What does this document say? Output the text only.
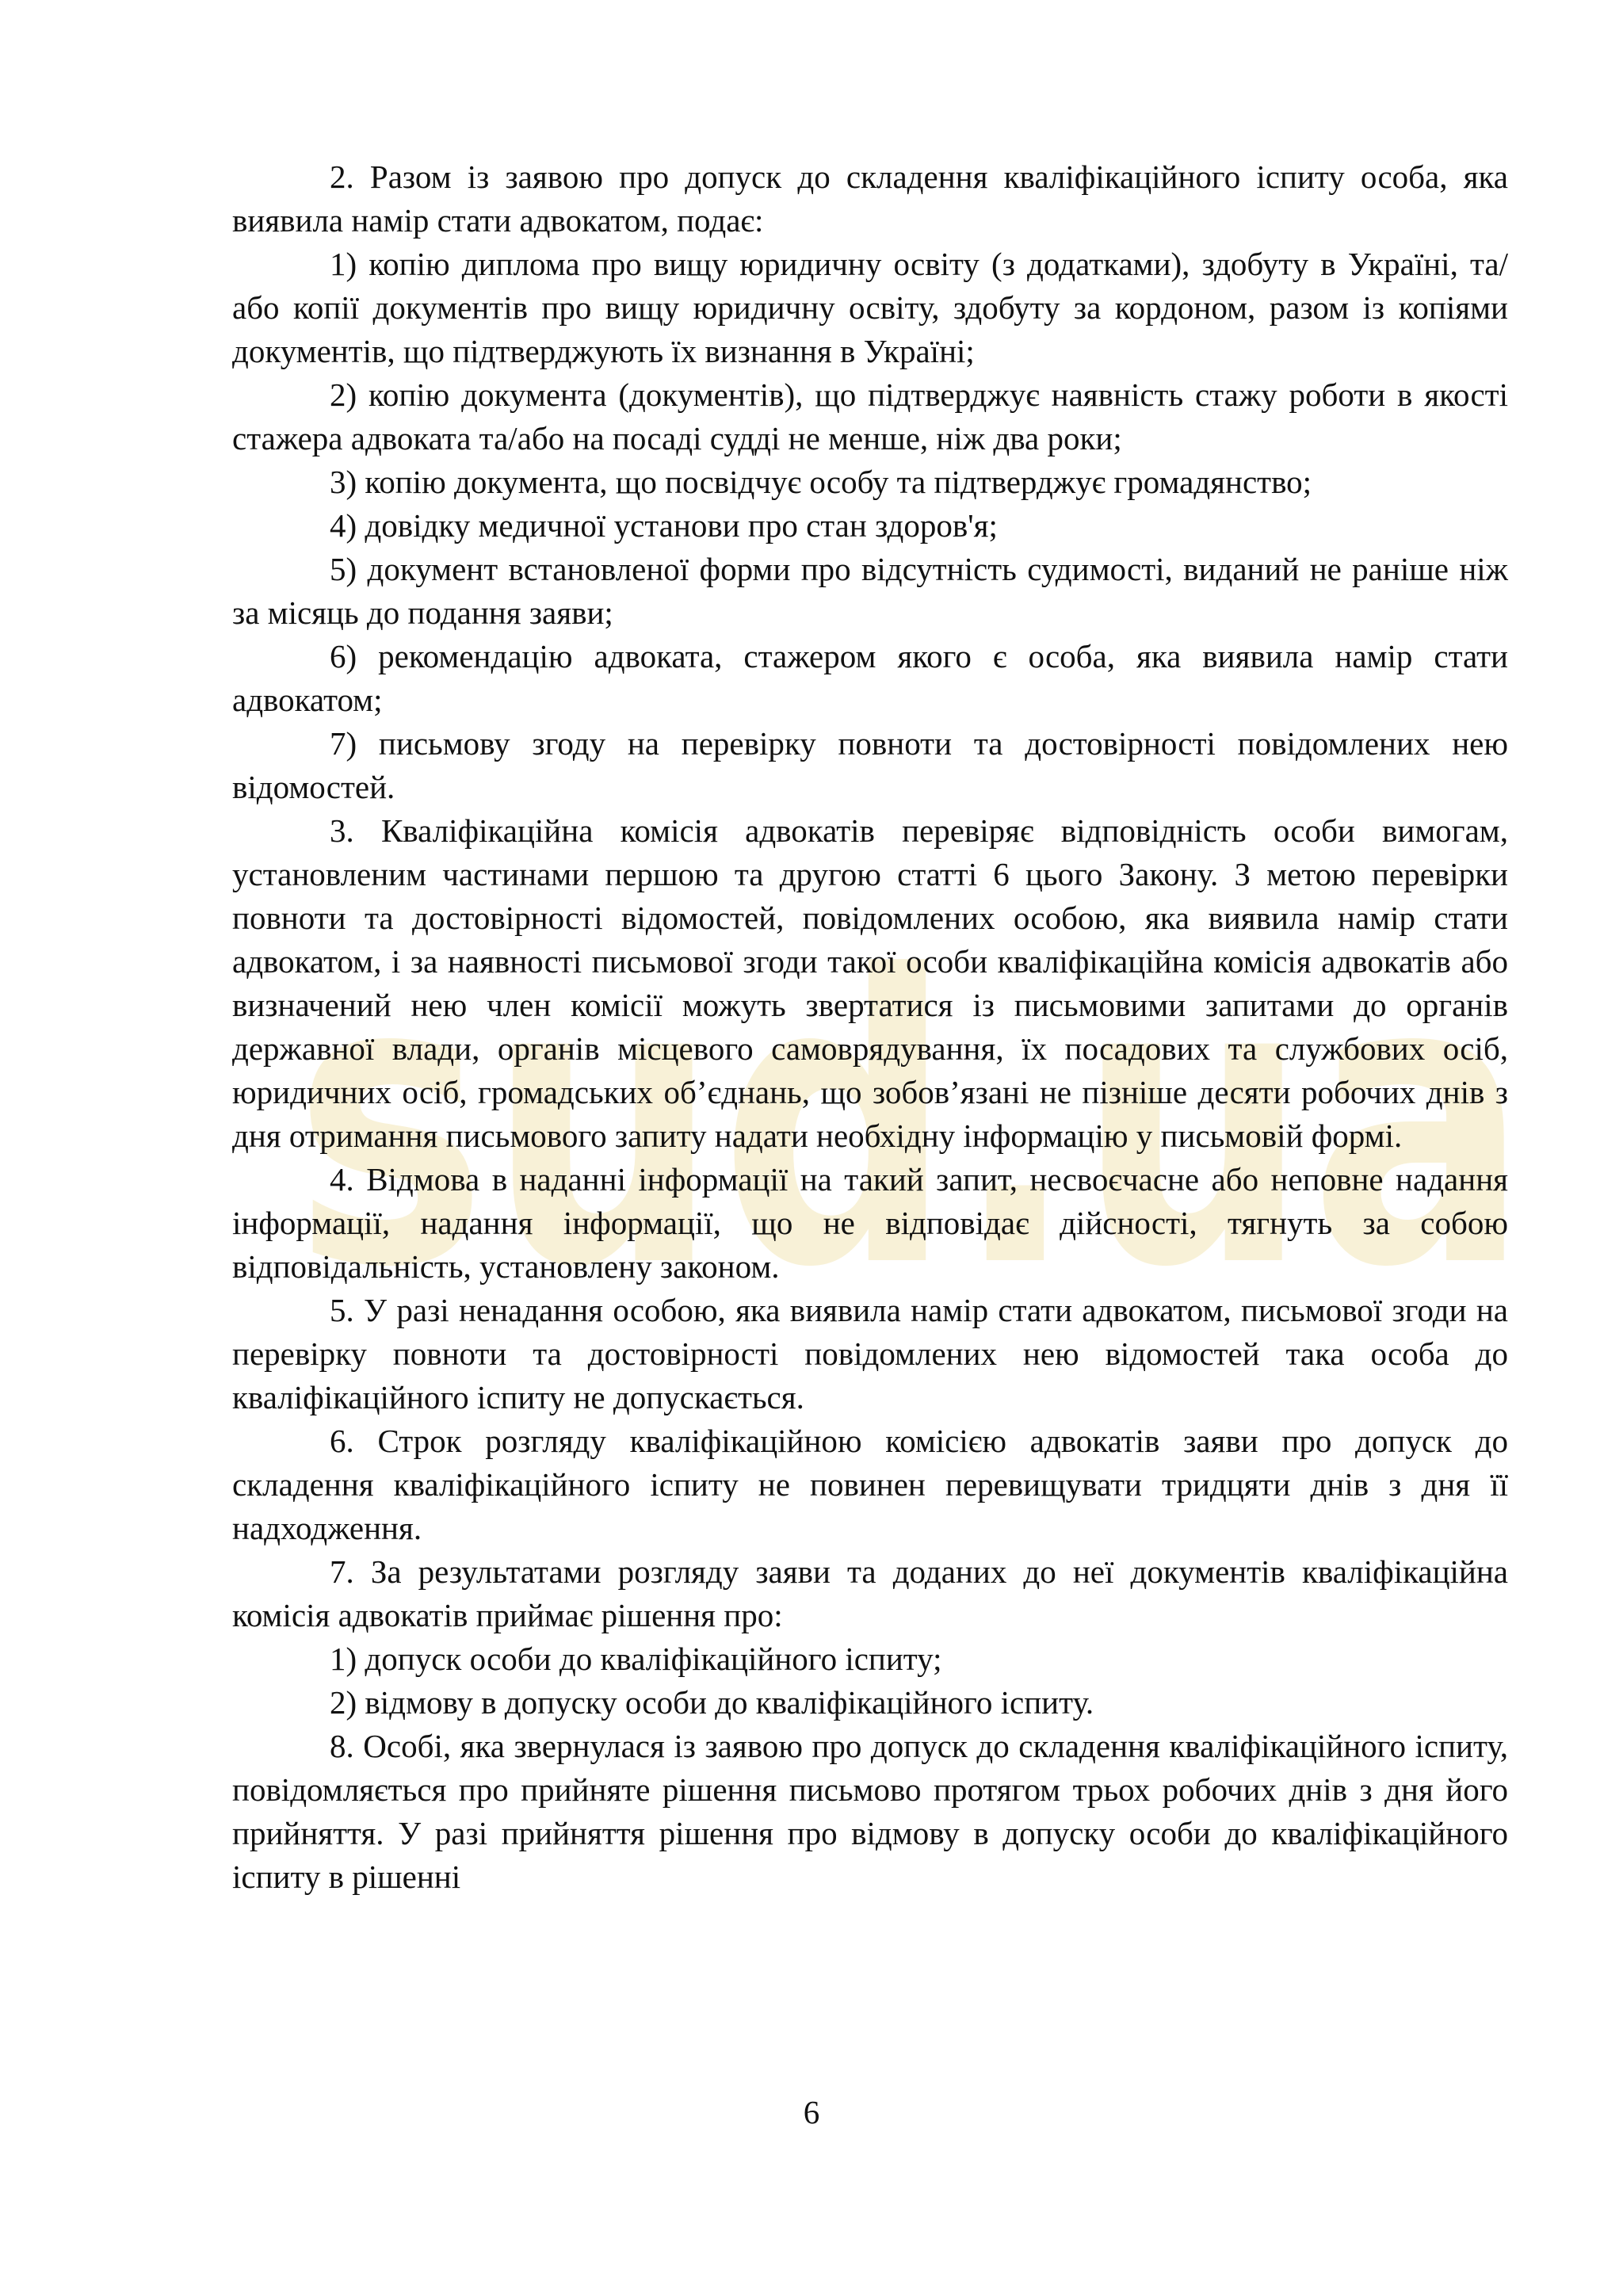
sud.ua

2. Разом із заявою про допуск до складення кваліфікаційного іспиту особа, яка виявила намір стати адвокатом, подає:

1) копію диплома про вищу юридичну освіту (з додатками), здобуту в Україні, та/або копії документів про вищу юридичну освіту, здобуту за кордоном, разом із копіями документів, що підтверджують їх визнання в Україні;

2) копію документа (документів), що підтверджує наявність стажу роботи в якості стажера адвоката та/або на посаді судді не менше, ніж два роки;

3) копію документа, що посвідчує особу та підтверджує громадянство;

4) довідку медичної установи про стан здоров'я;

5) документ встановленої форми про відсутність судимості, виданий не раніше ніж за місяць до подання заяви;

6) рекомендацію адвоката, стажером якого є особа, яка виявила намір стати адвокатом;

7) письмову згоду на перевірку повноти та достовірності повідомлених нею відомостей.

3. Кваліфікаційна комісія адвокатів перевіряє відповідність особи вимогам, установленим частинами першою та другою статті 6 цього Закону. З метою перевірки повноти та достовірності відомостей, повідомлених особою, яка виявила намір стати адвокатом, і за наявності письмової згоди такої особи кваліфікаційна комісія адвокатів або визначений нею член комісії можуть звертатися із письмовими запитами до органів державної влади, органів місцевого самоврядування, їх посадових та службових осіб, юридичних осіб, громадських об’єднань, що зобов’язані не пізніше десяти робочих днів з дня отримання письмового запиту надати необхідну інформацію у письмовій формі.

4. Відмова в наданні інформації на такий запит, несвоєчасне або неповне надання інформації, надання інформації, що не відповідає дійсності, тягнуть за собою відповідальність, установлену законом.

5. У разі ненадання особою, яка виявила намір стати адвокатом, письмової згоди на перевірку повноти та достовірності повідомлених нею відомостей така особа до кваліфікаційного іспиту не допускається.

6. Строк розгляду кваліфікаційною комісією адвокатів заяви про допуск до складення кваліфікаційного іспиту не повинен перевищувати тридцяти днів з дня її надходження.

7. За результатами розгляду заяви та доданих до неї документів кваліфікаційна комісія адвокатів приймає рішення про:

1) допуск особи до кваліфікаційного іспиту;

2) відмову в допуску особи до кваліфікаційного іспиту.

8. Особі, яка звернулася із заявою про допуск до складення кваліфікаційного іспиту, повідомляється про прийняте рішення письмово протягом трьох робочих днів з дня його прийняття. У разі прийняття рішення про відмову в допуску особи до кваліфікаційного іспиту в рішенні

6
